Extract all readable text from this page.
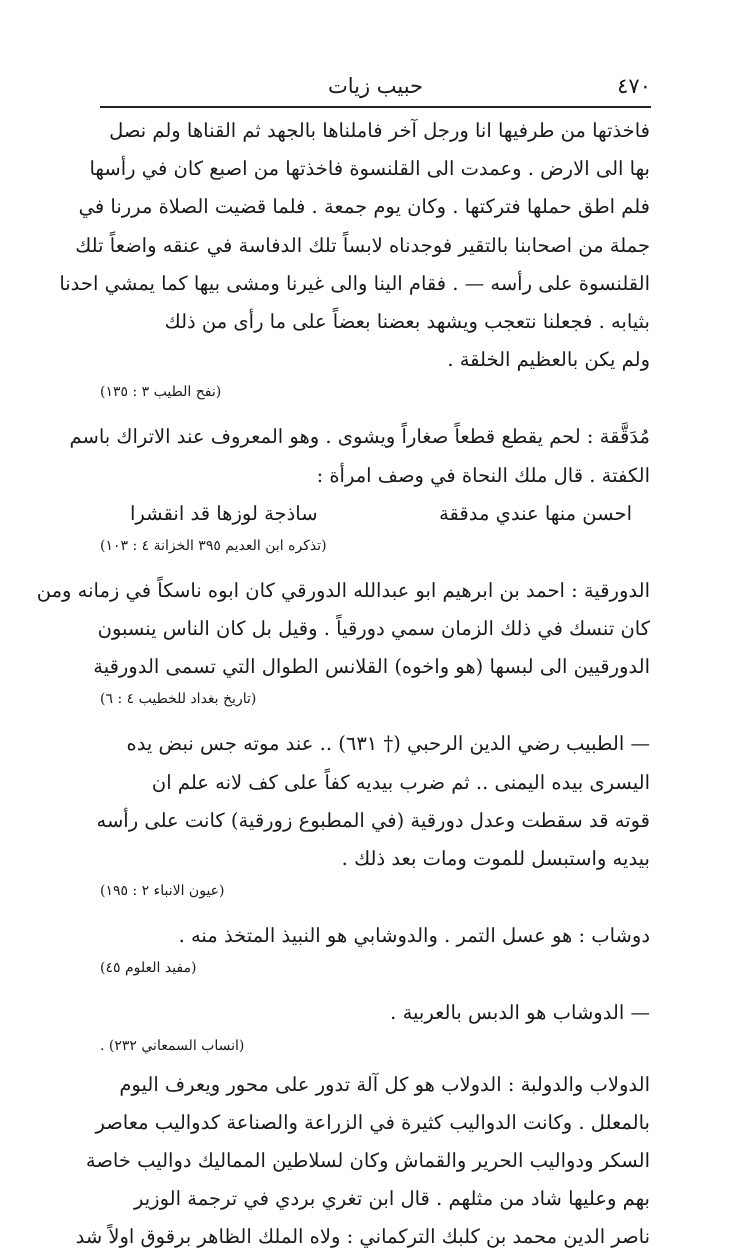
٤٧٠
حبيب زيات
فاخذتها من طرفيها انا ورجل آخر فاملناها بالجهد ثم القناها ولم نصل
بها الى الارض . وعمدت الى القلنسوة فاخذتها من اصبع كان في رأسها
فلم اطق حملها فتركتها . وكان يوم جمعة . فلما قضيت الصلاة مررنا في
جملة من اصحابنا بالتقير فوجدناه لابساً تلك الدفاسة في عنقه واضعاً تلك
القلنسوة على رأسه — . فقام الينا والى غيرنا ومشى بيها كما يمشي احدنا
بثيابه . فجعلنا نتعجب ويشهد بعضنا بعضاً على ما رأى من ذلك
ولم يكن بالعظيم الخلقة .
(نفح الطيب ٣ : ١٣٥)
مُدَقَّقة : لحم يقطع قطعاً صغاراً ويشوى . وهو المعروف عند الاتراك باسم
الكفتة . قال ملك النحاة في وصف امرأة :
احسن منها عندي مدققة
ساذجة لوزها قد انقشرا
(تذكره ابن العديم ٣٩٥ الخزانة ٤ : ١٠٣)
الدورقية : احمد بن ابرهيم ابو عبدالله الدورقي كان ابوه ناسكاً في زمانه ومن
كان تنسك في ذلك الزمان سمي دورقياً . وقيل بل كان الناس ينسبون
الدورقيين الى لبسها (هو واخوه) القلانس الطوال التي تسمى الدورقية
(تاريخ بغداد للخطيب ٤ : ٦)
— الطبيب رضي الدين الرحبي († ٦٣١) .. عند موته جس نبض يده
اليسرى بيده اليمنى .. ثم ضرب بيديه كفاً على كف لانه علم ان
قوته قد سقطت وعدل دورقية (في المطبوع زورقية) كانت على رأسه
بيديه واستبسل للموت ومات بعد ذلك .
(عيون الانباء ٢ : ١٩٥)
دوشاب : هو عسل التمر . والدوشابي هو النبيذ المتخذ منه .
(مفيد العلوم ٤٥)
— الدوشاب هو الدبس بالعربية .
(انساب السمعاني ٢٣٢) .
الدولاب والدولبة : الدولاب هو كل آلة تدور على محور ويعرف اليوم
بالمعلل . وكانت الدواليب كثيرة في الزراعة والصناعة كدواليب معاصر
السكر ودواليب الحرير والقماش وكان لسلاطين المماليك دواليب خاصة
بهم وعليها شاد من مثلهم . قال ابن تغري بردي في ترجمة الوزير
ناصر الدين محمد بن كلبك التركماني : ولاه الملك الظاهر برقوق اولاً شد
